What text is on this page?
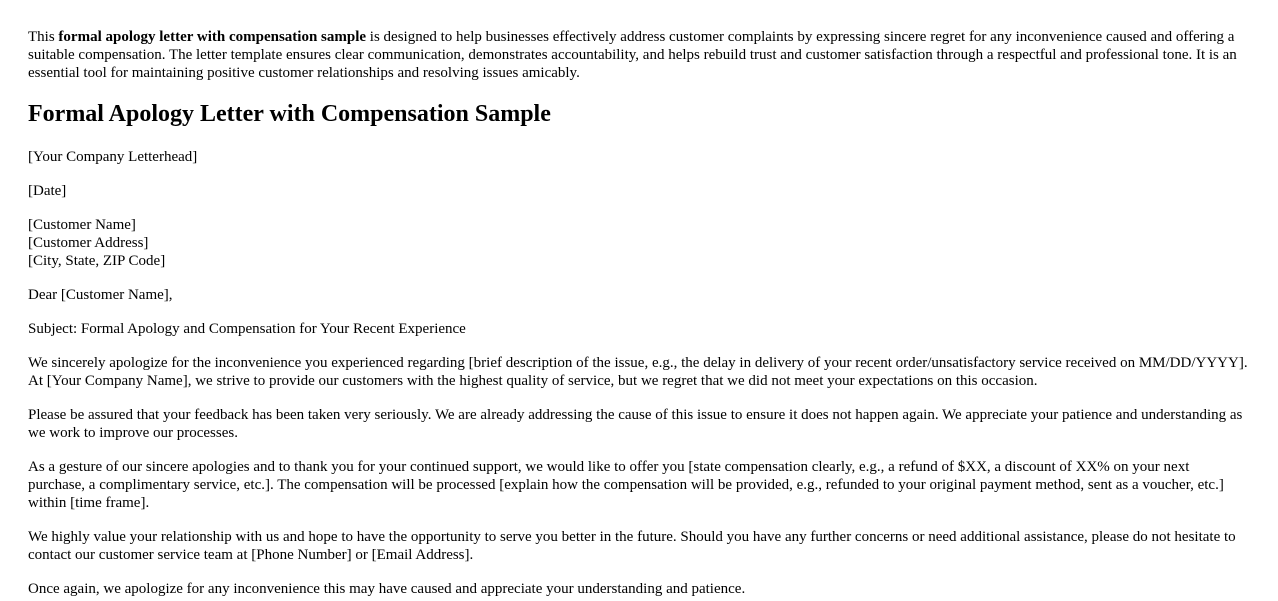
This formal apology letter with compensation sample is designed to help businesses effectively address customer complaints by expressing sincere regret for any inconvenience caused and offering a suitable compensation. The letter template ensures clear communication, demonstrates accountability, and helps rebuild trust and customer satisfaction through a respectful and professional tone. It is an essential tool for maintaining positive customer relationships and resolving issues amicably.

Formal Apology Letter with Compensation Sample

[Your Company Letterhead]

[Date]

[Customer Name]
[Customer Address]
[City, State, ZIP Code]

Dear [Customer Name],

Subject: Formal Apology and Compensation for Your Recent Experience

We sincerely apologize for the inconvenience you experienced regarding [brief description of the issue, e.g., the delay in delivery of your recent order/unsatisfactory service received on MM/DD/YYYY]. At [Your Company Name], we strive to provide our customers with the highest quality of service, but we regret that we did not meet your expectations on this occasion.

Please be assured that your feedback has been taken very seriously. We are already addressing the cause of this issue to ensure it does not happen again. We appreciate your patience and understanding as we work to improve our processes.

As a gesture of our sincere apologies and to thank you for your continued support, we would like to offer you [state compensation clearly, e.g., a refund of $XX, a discount of XX% on your next purchase, a complimentary service, etc.]. The compensation will be processed [explain how the compensation will be provided, e.g., refunded to your original payment method, sent as a voucher, etc.] within [time frame].

We highly value your relationship with us and hope to have the opportunity to serve you better in the future. Should you have any further concerns or need additional assistance, please do not hesitate to contact our customer service team at [Phone Number] or [Email Address].

Once again, we apologize for any inconvenience this may have caused and appreciate your understanding and patience.
